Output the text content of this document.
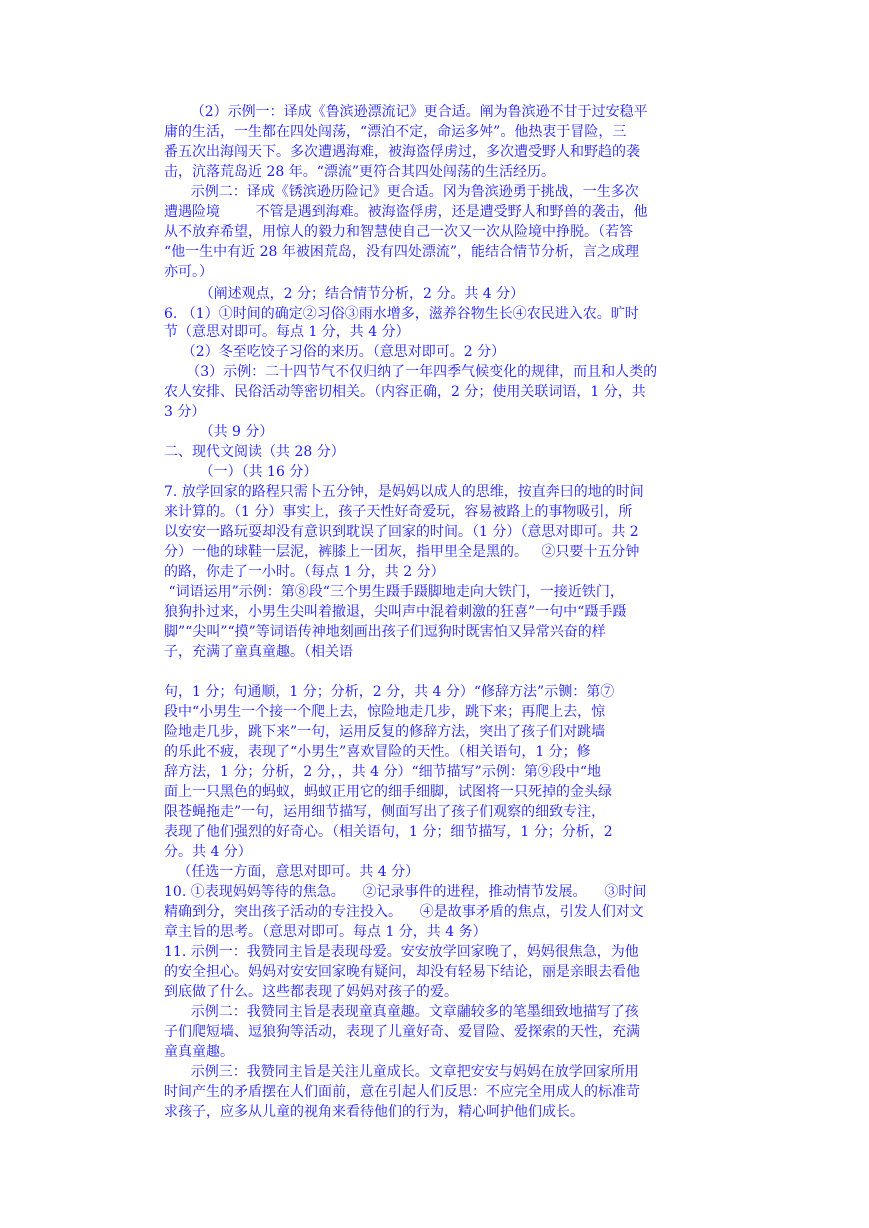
（2）示例一：译成《鲁滨逊漂流记》更合适。阐为鲁滨逊不甘于过安稳平
庸的生活，一生都在四处闯荡，“漂泊不定，命运多舛”。他热衷于冒险，三
番五次出海闯天下。多次遭遇海难，被海盗俘虏过，多次遭受野人和野趋的袭
击，沆落荒岛近 28 年。“漂流”更符合其四处闯荡的生活经历。
示例二：译成《锈滨逊历险记》更合适。冈为鲁滨逊勇于挑战，一生多次
遭遇险境        不管是遇到海难。被海盗俘虏，还是遭受野人和野兽的袭击，他
从不放弃希望，用惊人的毅力和智慧使自己一次又一次从险境中挣脱。（若答
“他一生中有近 28 年被困荒岛，没有四处漂流”，能结合情节分析，言之成理
亦可。）
（阐述观点，2 分；结合情节分析，2 分。共 4 分）
6. （1）①时间的确定②习俗③雨水增多，滋养谷物生长④农民进入农。旷时
节（意思对即可。每点 1 分，共 4 分）
（2）冬至吃饺子习俗的来历。（意思对即可。2 分）
（3）示例：二十四节气不仅归纳了一年四季气候变化的规律，而且和人类的
农人安排、民俗活动等密切相关。（内容正确，2 分；使用关联词语，1 分，共
3 分）
（共 9 分）
二、现代文阅读（共 28 分）
（一）（共 16 分）
7. 放学回家的路程只需卜五分钟，是妈妈以成人的思维，按直奔曰的地的时间
来计算的。（1 分）事实上，孩子天性好奇爱玩，容易被路上的事物吸引，所
以安安一路玩耍却没有意识到耽误了回家的时间。（1 分）（意思对即可。共 2
分）一他的球鞋一层泥，裤膝上一团灰，指甲里全是黑的。   ②只要十五分钟
的路，你走了一小时。（每点 1 分，共 2 分）
“词语运用”示例：第⑧段“三个男生蹑手蹑脚地走向大铁门，一接近铁门，
狼狗扑过来，小男生尖叫着撤退，尖叫声中混着刺激的狂喜”一句中“蹑手蹑
脚”“尖叫”“摸”等词语传神地刻画出孩子们逗狗时既害怕又异常兴奋的样
子，充满了童真童趣。（相关语
句，1 分；句通顺，1 分；分析，2 分，共 4 分）“修辞方法”示铡：第⑦
段中“小男生一个接一个爬上去，惊险地走几步，跳下来；再爬上去，惊
险地走几步，跳下来”一句，运用反复的修辞方法，突出了孩子们对跳墙
的乐此不疲，表现了“小男生”喜欢冒险的天性。（相关语句，1 分；修
辞方法，1 分；分析，2 分，，共 4 分）“细节描写”示例：第⑨段中“地
面上一只黑色的蚂蚁，蚂蚁正用它的细手细脚，试图将一只死掉的金头绿
限苍蝇拖走”一句，运用细节描写，侧面写出了孩子们观察的细致专注，
表现了他们强烈的好奇心。（相关语句，1 分；细节描写，1 分；分析，2
分。共 4 分）
（任选一方面，意思对即可。共 4 分）
10. ①表现妈妈等待的焦急。    ②记录事件的进程，推动情节发展。    ③时间
精确到分，突出孩子活动的专注投入。    ④是故事矛盾的焦点，引发人们对文
章主旨的思考。（意思对即可。每点 1 分，共 4 务）
11. 示例一：我赞同主旨是表现母爱。安安放学回家晚了，妈妈很焦急，为他
的安全担心。妈妈对安安回家晚有疑问，却没有轻易下结论，丽是亲眼去看他
到底做了什么。这些都表现了妈妈对孩子的爱。
示例二：我赞同主旨是表现童真童趣。文章鬴较多的笔墨细致地描写了孩
子们爬短墙、逗狼狗等活动，表现了儿童好奇、爱冒险、爱探索的天性，充满
童真童趣。
示例三：我赞同主旨是关注儿童成长。文章把安安与妈妈在放学回家所用
时间产生的矛盾摆在人们面前，意在引起人们反思：不应完全用成人的标准苛
求孩子，应多从儿童的视角来看待他们的行为，精心呵护他们成长。
